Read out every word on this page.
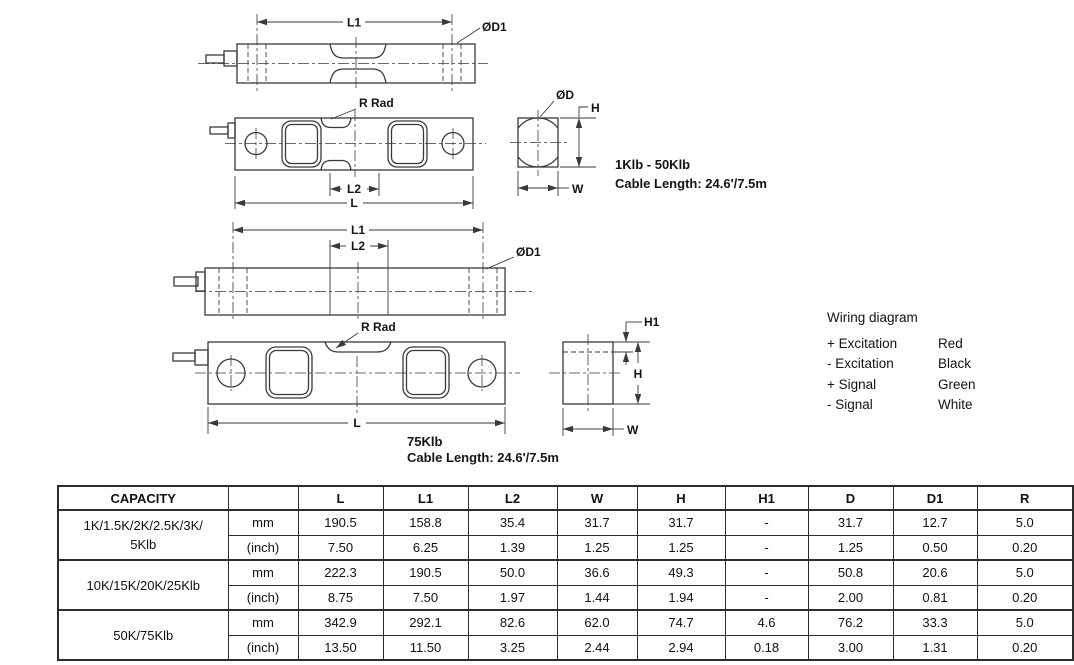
L1	ØD1
R Rad
L2
L
ØD
H
W
L1
L2	ØD1
R Rad
L
H1
H
W
1Klb - 50Klb
Cable Length: 24.6'/7.5m
75Klb
Cable Length: 24.6'/7.5m
Wiring diagram
+ Excitation	Red
- Excitation	Black
+ Signal	Green
- Signal	White
CAPACITY		L	L1	L2	W	H	H1	D	D1	R

1K/1.5K/2K/2.5K/3K/
5Klb	mm	190.5	158.8	35.4	31.7	31.7	-	31.7	12.7	5.0
	(inch)	7.50	6.25	1.39	1.25	1.25	-	1.25	0.50	0.20

10K/15K/20K/25Klb	mm	222.3	190.5	50.0	36.6	49.3	-	50.8	20.6	5.0
	(inch)	8.75	7.50	1.97	1.44	1.94	-	2.00	0.81	0.20

50K/75Klb	mm	342.9	292.1	82.6	62.0	74.7	4.6	76.2	33.3	5.0
	(inch)	13.50	11.50	3.25	2.44	2.94	0.18	3.00	1.31	0.20
